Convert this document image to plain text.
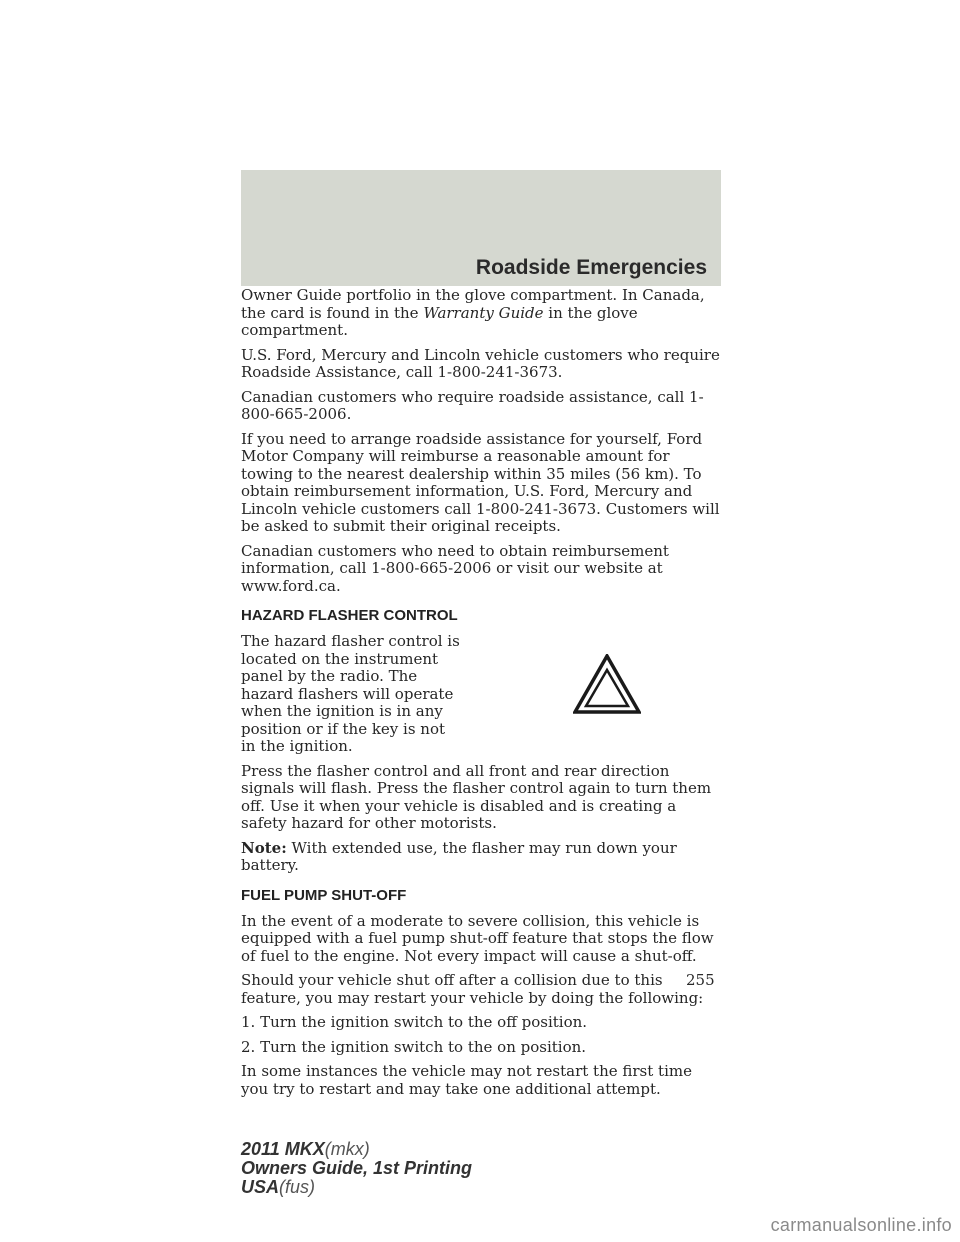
Roadside Emergencies

Owner Guide portfolio in the glove compartment. In Canada, the card is found in the Warranty Guide in the glove compartment.

U.S. Ford, Mercury and Lincoln vehicle customers who require Roadside Assistance, call 1-800-241-3673.

Canadian customers who require roadside assistance, call 1-800-665-2006.

If you need to arrange roadside assistance for yourself, Ford Motor Company will reimburse a reasonable amount for towing to the nearest dealership within 35 miles (56 km). To obtain reimbursement information, U.S. Ford, Mercury and Lincoln vehicle customers call 1-800-241-3673. Customers will be asked to submit their original receipts.

Canadian customers who need to obtain reimbursement information, call 1-800-665-2006 or visit our website at www.ford.ca.

HAZARD FLASHER CONTROL

The hazard flasher control is located on the instrument panel by the radio. The hazard flashers will operate when the ignition is in any position or if the key is not in the ignition.

Press the flasher control and all front and rear direction signals will flash. Press the flasher control again to turn them off. Use it when your vehicle is disabled and is creating a safety hazard for other motorists.

Note: With extended use, the flasher may run down your battery.

FUEL PUMP SHUT-OFF

In the event of a moderate to severe collision, this vehicle is equipped with a fuel pump shut-off feature that stops the flow of fuel to the engine. Not every impact will cause a shut-off.

Should your vehicle shut off after a collision due to this feature, you may restart your vehicle by doing the following:

1. Turn the ignition switch to the off position.

2. Turn the ignition switch to the on position.

In some instances the vehicle may not restart the first time you try to restart and may take one additional attempt.

255
2011 MKX(mkx)
Owners Guide, 1st Printing
USA(fus)
carmanualsonline.info
